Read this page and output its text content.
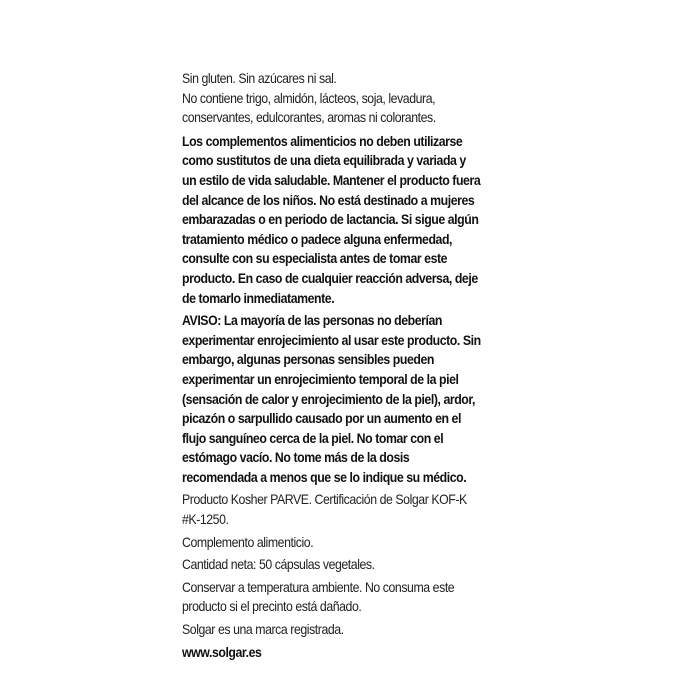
Sin gluten. Sin azúcares ni sal.

No contiene trigo, almidón, lácteos, soja, levadura, conservantes, edulcorantes, aromas ni colorantes.

Los complementos alimenticios no deben utilizarse como sustitutos de una dieta equilibrada y variada y un estilo de vida saludable. Mantener el producto fuera del alcance de los niños. No está destinado a mujeres embarazadas o en periodo de lactancia. Si sigue algún tratamiento médico o padece alguna enfermedad, consulte con su especialista antes de tomar este producto. En caso de cualquier reacción adversa, deje de tomarlo inmediatamente.

AVISO: La mayoría de las personas no deberían experimentar enrojecimiento al usar este producto. Sin embargo, algunas personas sensibles pueden experimentar un enrojecimiento temporal de la piel (sensación de calor y enrojecimiento de la piel), ardor, picazón o sarpullido causado por un aumento en el flujo sanguíneo cerca de la piel. No tomar con el estómago vacío. No tome más de la dosis recomendada a menos que se lo indique su médico.

Producto Kosher PARVE. Certificación de Solgar KOF-K #K-1250.

Complemento alimenticio.

Cantidad neta: 50 cápsulas vegetales.

Conservar a temperatura ambiente. No consuma este producto si el precinto está dañado.

Solgar es una marca registrada.

www.solgar.es
